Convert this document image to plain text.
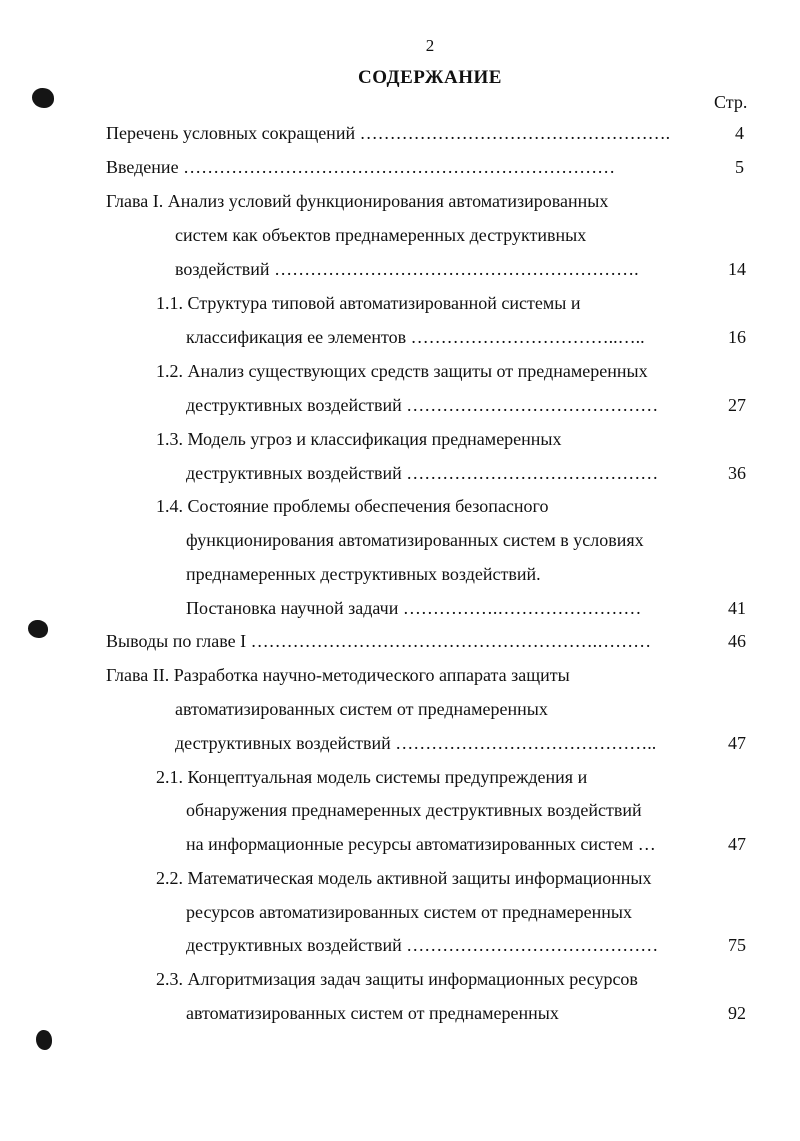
2
СОДЕРЖАНИЕ
Стр.
Перечень условных сокращений …………………………………………….	4
Введение ………………………………………………………………	5
Глава I. Анализ условий функционирования автоматизированных
систем как объектов преднамеренных деструктивных
воздействий …………………………………………………….	14
1.1. Структура типовой автоматизированной системы и
классификация ее элементов ……………………………..…..	16
1.2. Анализ существующих средств защиты от преднамеренных
деструктивных воздействий ……………………………………	27
1.3. Модель угроз и классификация преднамеренных
деструктивных воздействий ……………………………………	36
1.4. Состояние проблемы обеспечения безопасного
функционирования автоматизированных систем в условиях
преднамеренных деструктивных воздействий.
Постановка научной задачи …………….……………………	41
Выводы по главе I ………………………………………………….………	46
Глава II. Разработка научно-методического аппарата защиты
автоматизированных систем от преднамеренных
деструктивных воздействий ……………………………………..	47
2.1. Концептуальная модель системы предупреждения и
обнаружения преднамеренных деструктивных воздействий
на информационные ресурсы автоматизированных систем …	47
2.2. Математическая модель активной защиты информационных
ресурсов автоматизированных систем от преднамеренных
деструктивных воздействий ……………………………………	75
2.3. Алгоритмизация задач защиты информационных ресурсов
автоматизированных систем от преднамеренных	92
